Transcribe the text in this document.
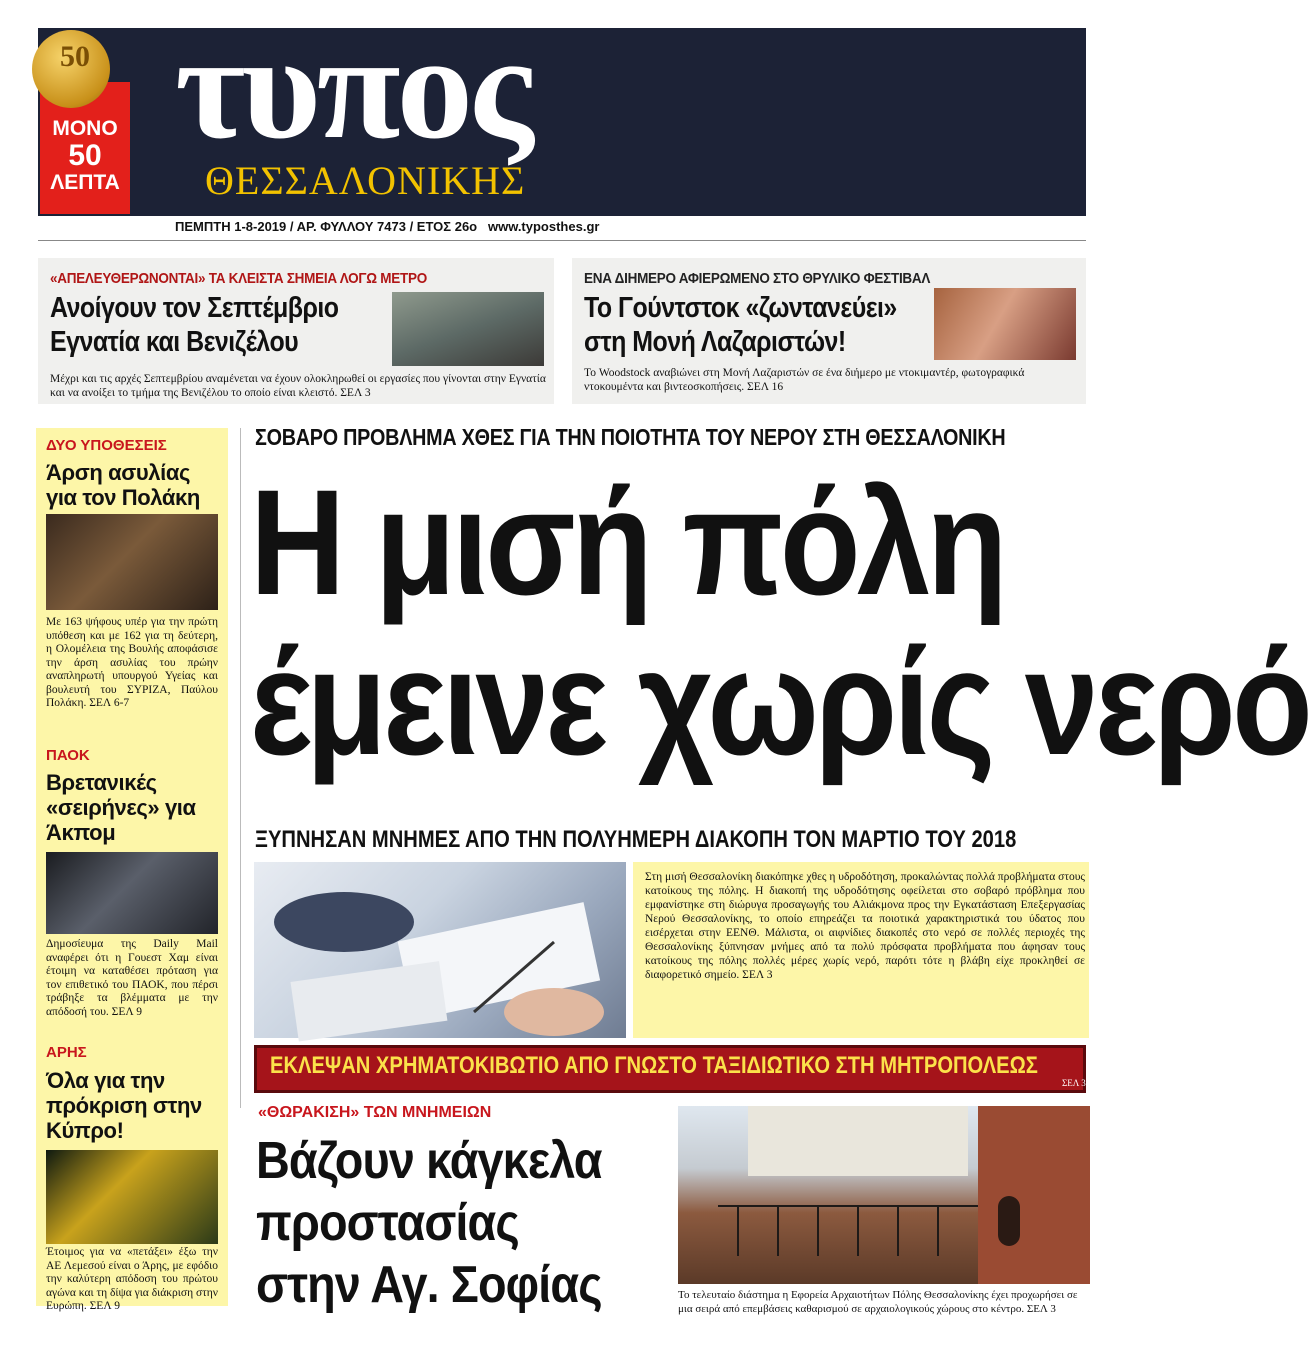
τυπος
ΘΕΣΣΑΛΟΝΙΚΗΣ
ΜΟΝΟ
50
ΛΕΠΤΑ
50
ΠΕΜΠΤΗ 1-8-2019 / ΑΡ. ΦΥΛΛΟΥ 7473 / ΕΤΟΣ 26ο www.typosthes.gr
«ΑΠΕΛΕΥΘΕΡΩΝΟΝΤΑΙ» ΤΑ ΚΛΕΙΣΤΑ ΣΗΜΕΙΑ ΛΟΓΩ ΜΕΤΡΟ
Ανοίγουν τον Σεπτέμβριο
Εγνατία και Βενιζέλου
Μέχρι και τις αρχές Σεπτεμβρίου αναμένεται να έχουν ολοκληρωθεί οι εργασίες που γίνονται στην Εγνατία και να ανοίξει το τμήμα της Βενιζέλου το οποίο είναι κλειστό. ΣΕΛ 3
ΕΝΑ ΔΙΗΜΕΡΟ ΑΦΙΕΡΩΜΕΝΟ ΣΤΟ ΘΡΥΛΙΚΟ ΦΕΣΤΙΒΑΛ
Το Γούντστοκ «ζωντανεύει»
στη Μονή Λαζαριστών!
Το Woodstock αναβιώνει στη Μονή Λαζαριστών σε ένα διήμερο με ντοκιμαντέρ, φωτογραφικά ντοκουμέντα και βιντεοσκοπήσεις. ΣΕΛ 16
ΔΥΟ ΥΠΟΘΕΣΕΙΣ
Άρση ασυλίας για τον Πολάκη
Με 163 ψήφους υπέρ για την πρώτη υπόθεση και με 162 για τη δεύτερη, η Ολομέλεια της Βουλής αποφάσισε την άρση ασυλίας του πρώην αναπληρωτή υπουργού Υγείας και βουλευτή του ΣΥΡΙΖΑ, Παύλου Πολάκη. ΣΕΛ 6-7
ΠΑΟΚ
Βρετανικές «σειρήνες» για Άκπομ
Δημοσίευμα της Daily Mail αναφέρει ότι η Γουεστ Χαμ είναι έτοιμη να καταθέσει πρόταση για τον επιθετικό του ΠΑΟΚ, που πέρσι τράβηξε τα βλέμματα με την απόδοσή του. ΣΕΛ 9
ΑΡΗΣ
Όλα για την πρόκριση στην Κύπρο!
Έτοιμος για να «πετάξει» έξω την ΑΕ Λεμεσού είναι ο Άρης, με εφόδιο την καλύτερη απόδοση του πρώτου αγώνα και τη δίψα για διάκριση στην Ευρώπη. ΣΕΛ 9
ΣΟΒΑΡΟ ΠΡΟΒΛΗΜΑ ΧΘΕΣ ΓΙΑ ΤΗΝ ΠΟΙΟΤΗΤΑ ΤΟΥ ΝΕΡΟΥ ΣΤΗ ΘΕΣΣΑΛΟΝΙΚΗ
Η μισή πόλη
έμεινε χωρίς νερό
ΞΥΠΝΗΣΑΝ ΜΝΗΜΕΣ ΑΠΟ ΤΗΝ ΠΟΛΥΗΜΕΡΗ ΔΙΑΚΟΠΗ ΤΟΝ ΜΑΡΤΙΟ ΤΟΥ 2018
Στη μισή Θεσσαλονίκη διακόπηκε χθες η υδροδότηση, προκαλώντας πολλά προβλήματα στους κατοίκους της πόλης. Η διακοπή της υδροδότησης οφείλεται στο σοβαρό πρόβλημα που εμφανίστηκε στη διώρυγα προσαγωγής του Αλιάκμονα προς την Εγκατάσταση Επεξεργασίας Νερού Θεσσαλονίκης, το οποίο επηρεάζει τα ποιοτικά χαρακτηριστικά του ύδατος που εισέρχεται στην ΕΕΝΘ. Μάλιστα, οι αιφνίδιες διακοπές στο νερό σε πολλές περιοχές της Θεσσαλονίκης ξύπνησαν μνήμες από τα πολύ πρόσφατα προβλήματα που άφησαν τους κατοίκους της πόλης πολλές μέρες χωρίς νερό, παρότι τότε η βλάβη είχε προκληθεί σε διαφορετικό σημείο. ΣΕΛ 3
ΕΚΛΕΨΑΝ ΧΡΗΜΑΤΟΚΙΒΩΤΙΟ ΑΠΟ ΓΝΩΣΤΟ ΤΑΞΙΔΙΩΤΙΚΟ ΣΤΗ ΜΗΤΡΟΠΟΛΕΩΣ
ΣΕΛ 3
«ΘΩΡΑΚΙΣΗ» ΤΩΝ ΜΝΗΜΕΙΩΝ
Βάζουν κάγκελα
προστασίας
στην Αγ. Σοφίας	Το τελευταίο διάστημα η Εφορεία Αρχαιοτήτων Πόλης Θεσσαλονίκης έχει προχωρήσει σε μια σειρά από επεμβάσεις καθαρισμού σε αρχαιολογικούς χώρους στο κέντρο. ΣΕΛ 3
